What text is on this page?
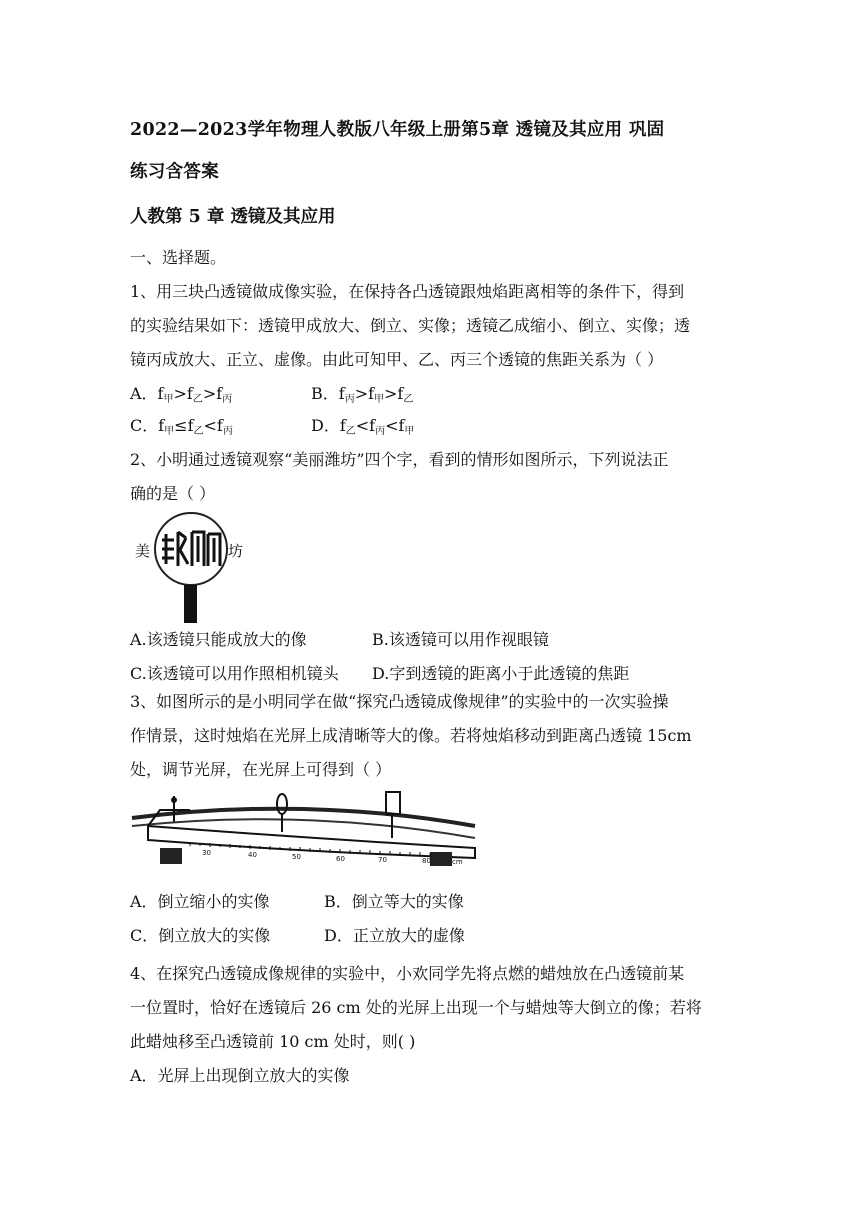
2022—2023学年物理人教版八年级上册第5章 透镜及其应用 巩固
练习含答案
人教第 5 章 透镜及其应用
一、选择题。
1、用三块凸透镜做成像实验，在保持各凸透镜跟烛焰距离相等的条件下，得到
的实验结果如下：透镜甲成放大、倒立、实像；透镜乙成缩小、倒立、实像；透
镜丙成放大、正立、虚像。由此可知甲、乙、丙三个透镜的焦距关系为（ ）
A．$f_甲>f_乙>f_丙$	B．$f_丙>f_甲>f_乙$
C．$f_甲\le f_乙<f_丙$	D．$f_乙<f_丙<f_甲$
2、小明通过透镜观察“美丽潍坊”四个字，看到的情形如图所示，下列说法正
确的是（ ）
美	坊
A.该透镜只能成放大的像	B.该透镜可以用作视眼镜
C.该透镜可以用作照相机镜头 D.字到透镜的距离小于此透镜的焦距
3、如图所示的是小明同学在做“探究凸透镜成像规律”的实验中的一次实验操
作情景，这时烛焰在光屏上成清晰等大的像。若将烛焰移动到距离凸透镜 15cm
处，调节光屏，在光屏上可得到（ ）
30	40	50	60	70	80	cm
A．倒立缩小的实像	B．倒立等大的实像
C．倒立放大的实像	D．正立放大的虚像
4、在探究凸透镜成像规律的实验中，小欢同学先将点燃的蜡烛放在凸透镜前某
一位置时，恰好在透镜后 26 cm 处的光屏上出现一个与蜡烛等大倒立的像；若将
此蜡烛移至凸透镜前 10 cm 处时，则( )
A．光屏上出现倒立放大的实像
